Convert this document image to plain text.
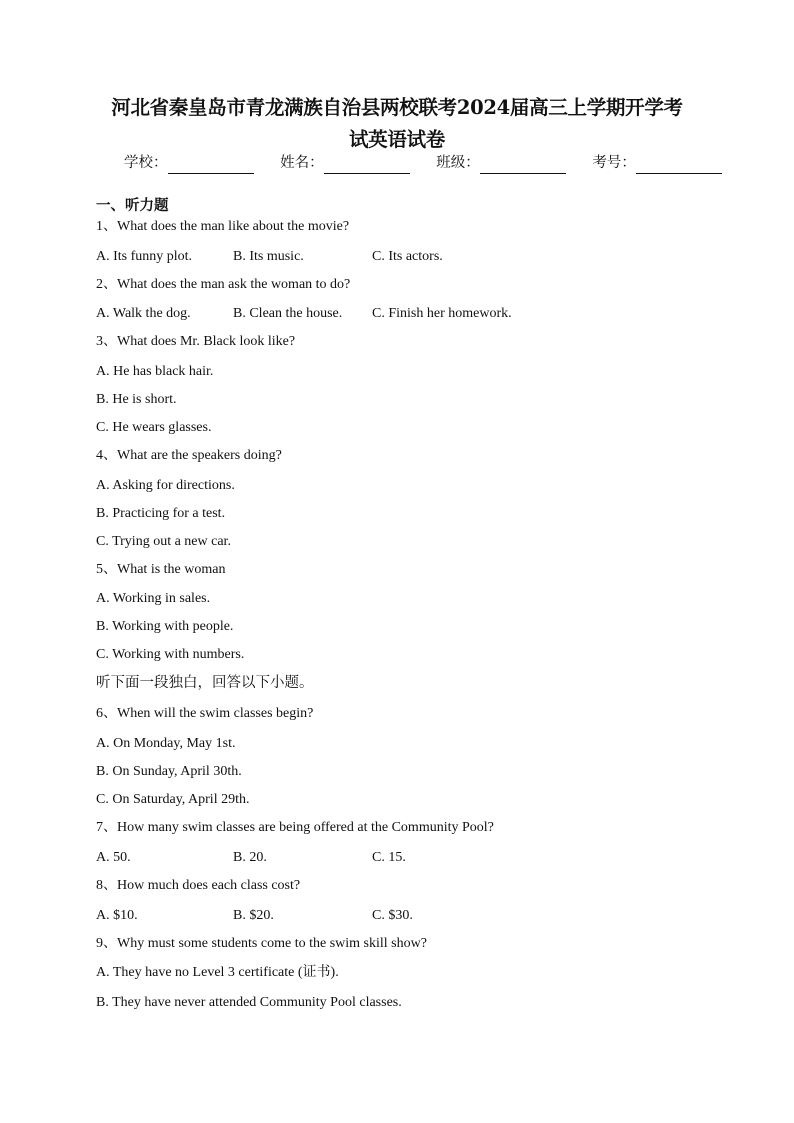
河北省秦皇岛市青龙满族自治县两校联考2024届高三上学期开学考
试英语试卷
学校：	姓名：	班级：	考号：
一、听力题
1、What does the man like about the movie?
A. Its funny plot.	B. Its music.	C. Its actors.
2、What does the man ask the woman to do?
A. Walk the dog.	B. Clean the house. C. Finish her homework.
3、What does Mr. Black look like?
A. He has black hair.
B. He is short.
C. He wears glasses.
4、What are the speakers doing?
A. Asking for directions.
B. Practicing for a test.
C. Trying out a new car.
5、What is the woman
A. Working in sales.
B. Working with people.
C. Working with numbers.
听下面一段独白，回答以下小题。
6、When will the swim classes begin?
A. On Monday, May 1st.
B. On Sunday, April 30th.
C. On Saturday, April 29th.
7、How many swim classes are being offered at the Community Pool?
A. 50.	B. 20.	C. 15.
8、How much does each class cost?
A. $10.	B. $20.	C. $30.
9、Why must some students come to the swim skill show?
A. They have no Level 3 certificate (证书).
B. They have never attended Community Pool classes.
